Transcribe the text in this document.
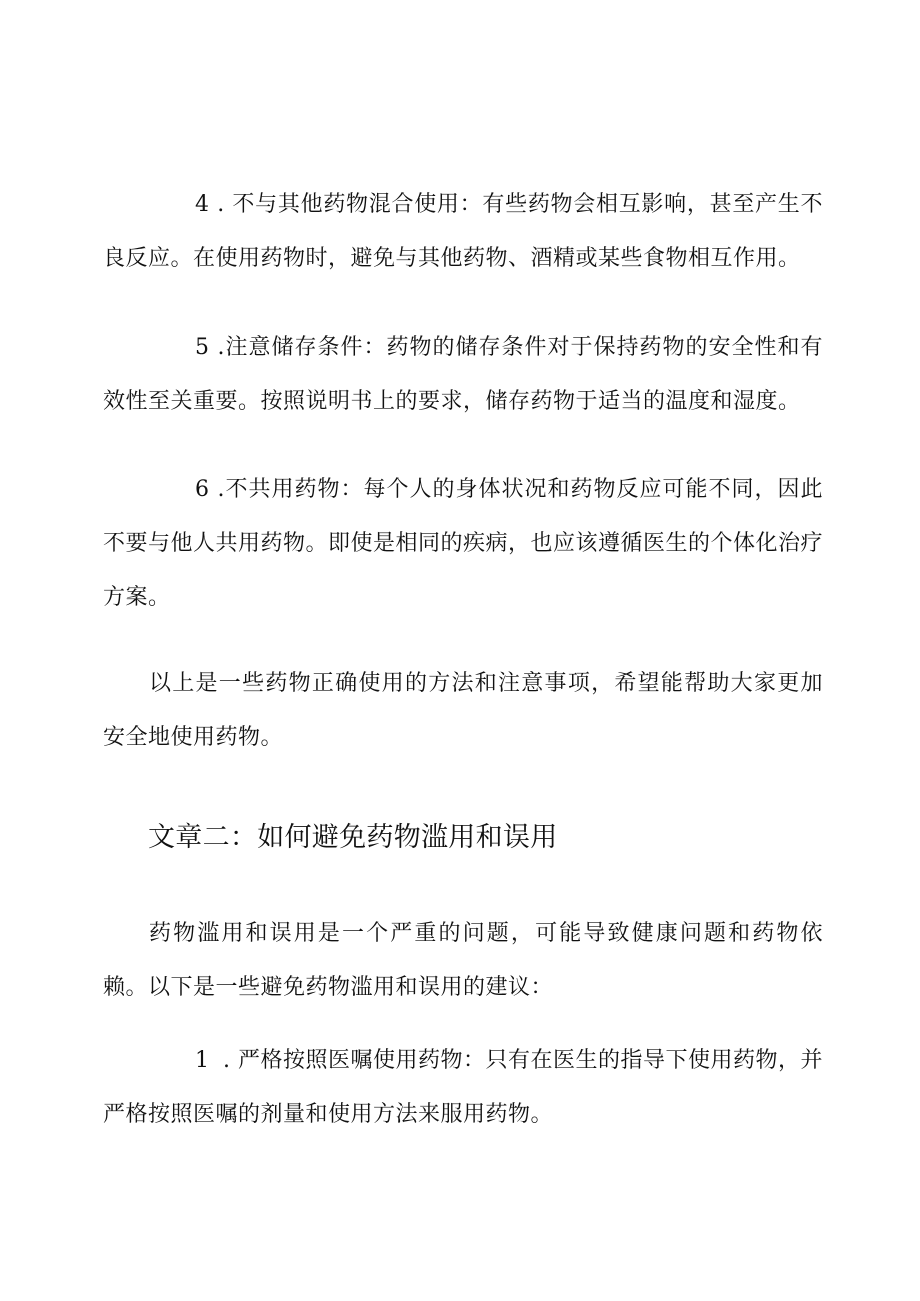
4 . 不与其他药物混合使用：有些药物会相互影响，甚至产生不良反应。在使用药物时，避免与其他药物、酒精或某些食物相互作用。

5 .注意储存条件：药物的储存条件对于保持药物的安全性和有效性至关重要。按照说明书上的要求，储存药物于适当的温度和湿度。

6 .不共用药物：每个人的身体状况和药物反应可能不同，因此不要与他人共用药物。即使是相同的疾病，也应该遵循医生的个体化治疗方案。

以上是一些药物正确使用的方法和注意事项，希望能帮助大家更加安全地使用药物。

文章二：如何避免药物滥用和误用

药物滥用和误用是一个严重的问题，可能导致健康问题和药物依赖。以下是一些避免药物滥用和误用的建议：

1 . 严格按照医嘱使用药物：只有在医生的指导下使用药物，并严格按照医嘱的剂量和使用方法来服用药物。
